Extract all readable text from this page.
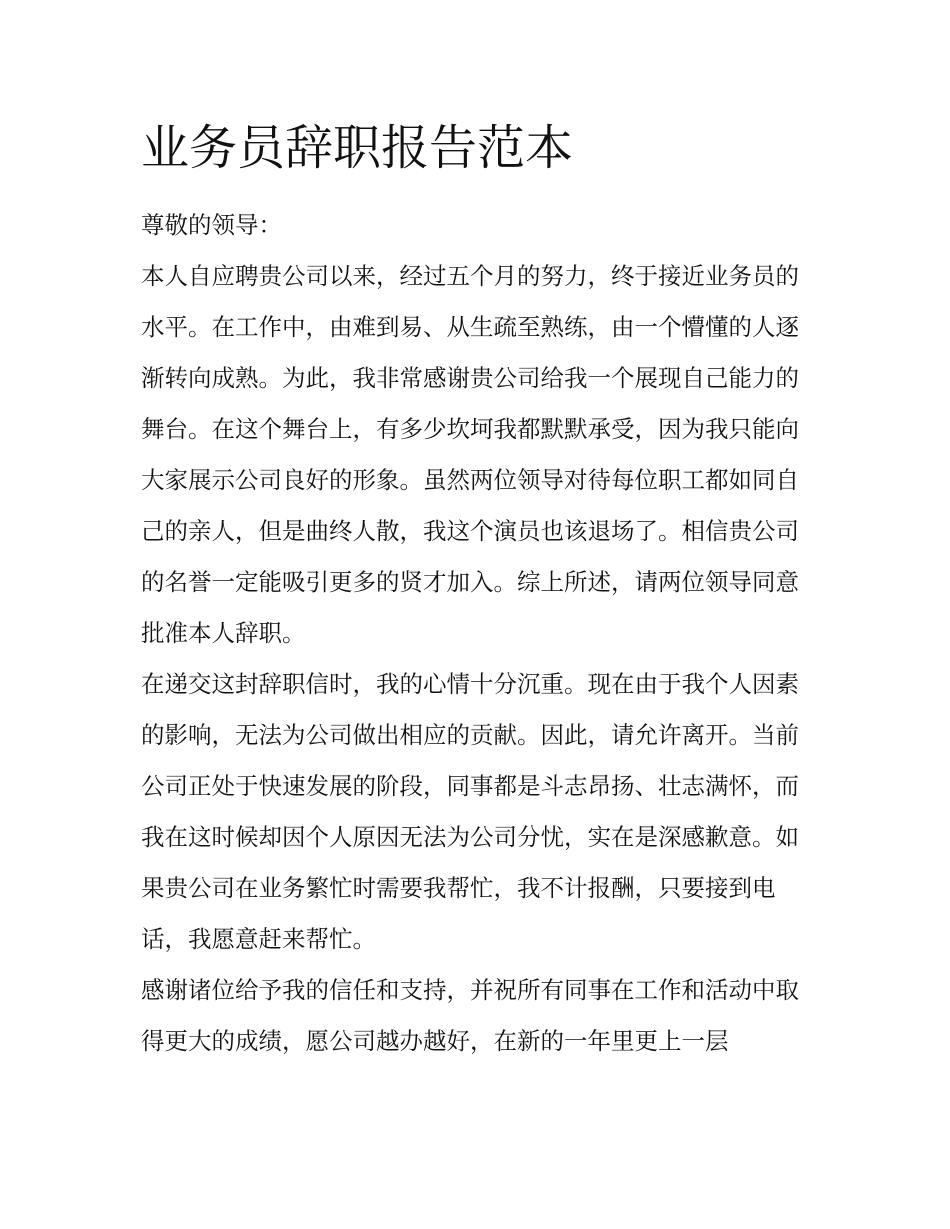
业务员辞职报告范本

尊敬的领导：

本人自应聘贵公司以来，经过五个月的努力，终于接近业务员的水平。在工作中，由难到易、从生疏至熟练，由一个懵懂的人逐渐转向成熟。为此，我非常感谢贵公司给我一个展现自己能力的舞台。在这个舞台上，有多少坎坷我都默默承受，因为我只能向大家展示公司良好的形象。虽然两位领导对待每位职工都如同自己的亲人，但是曲终人散，我这个演员也该退场了。相信贵公司的名誉一定能吸引更多的贤才加入。综上所述，请两位领导同意批准本人辞职。

在递交这封辞职信时，我的心情十分沉重。现在由于我个人因素的影响，无法为公司做出相应的贡献。因此，请允许离开。当前公司正处于快速发展的阶段，同事都是斗志昂扬、壮志满怀，而我在这时候却因个人原因无法为公司分忧，实在是深感歉意。如果贵公司在业务繁忙时需要我帮忙，我不计报酬，只要接到电话，我愿意赶来帮忙。

感谢诸位给予我的信任和支持，并祝所有同事在工作和活动中取得更大的成绩，愿公司越办越好，在新的一年里更上一层
